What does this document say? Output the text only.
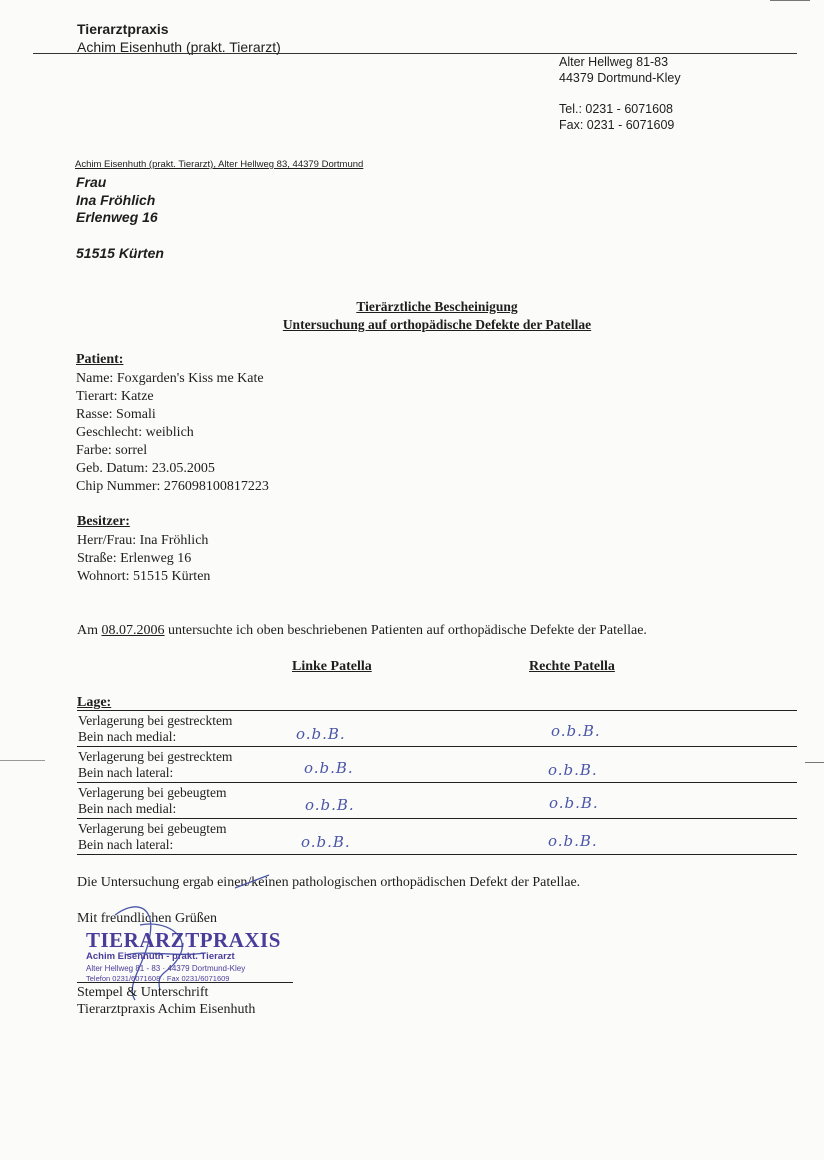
Tierarztpraxis
Achim Eisenhuth (prakt. Tierarzt)
Alter Hellweg 81-83
44379 Dortmund-Kley
Tel.: 0231 - 6071608
Fax: 0231 - 6071609
Achim Eisenhuth (prakt. Tierarzt), Alter Hellweg 83, 44379 Dortmund
Frau
Ina Fröhlich
Erlenweg 16
51515 Kürten
Tierärztliche Bescheinigung
Untersuchung auf orthopädische Defekte der Patellae
Patient:
Name: Foxgarden's Kiss me Kate
Tierart: Katze
Rasse: Somali
Geschlecht: weiblich
Farbe: sorrel
Geb. Datum: 23.05.2005
Chip Nummer: 276098100817223
Besitzer:
Herr/Frau: Ina Fröhlich
Straße: Erlenweg 16
Wohnort: 51515 Kürten
Am 08.07.2006 untersuchte ich oben beschriebenen Patienten auf orthopädische Defekte der Patellae.
Linke Patella	Rechte Patella
Lage:
Verlagerung bei gestrecktem
Bein nach medial:	o.b.B.	o.b.B.
Verlagerung bei gestrecktem
Bein nach lateral:	o.b.B.	o.b.B.
Verlagerung bei gebeugtem
Bein nach medial:	o.b.B.	o.b.B.
Verlagerung bei gebeugtem
Bein nach lateral:	o.b.B.	o.b.B.
Die Untersuchung ergab einen/keinen pathologischen orthopädischen Defekt der Patellae.
Mit freundlichen Grüßen
TIERARZTPRAXIS
Achim Eisenhuth - prakt. Tierarzt
Alter Hellweg 81 - 83 · 44379 Dortmund-Kley
Telefon 0231/6071608 · Fax 0231/6071609
Stempel & Unterschrift
Tierarztpraxis Achim Eisenhuth
